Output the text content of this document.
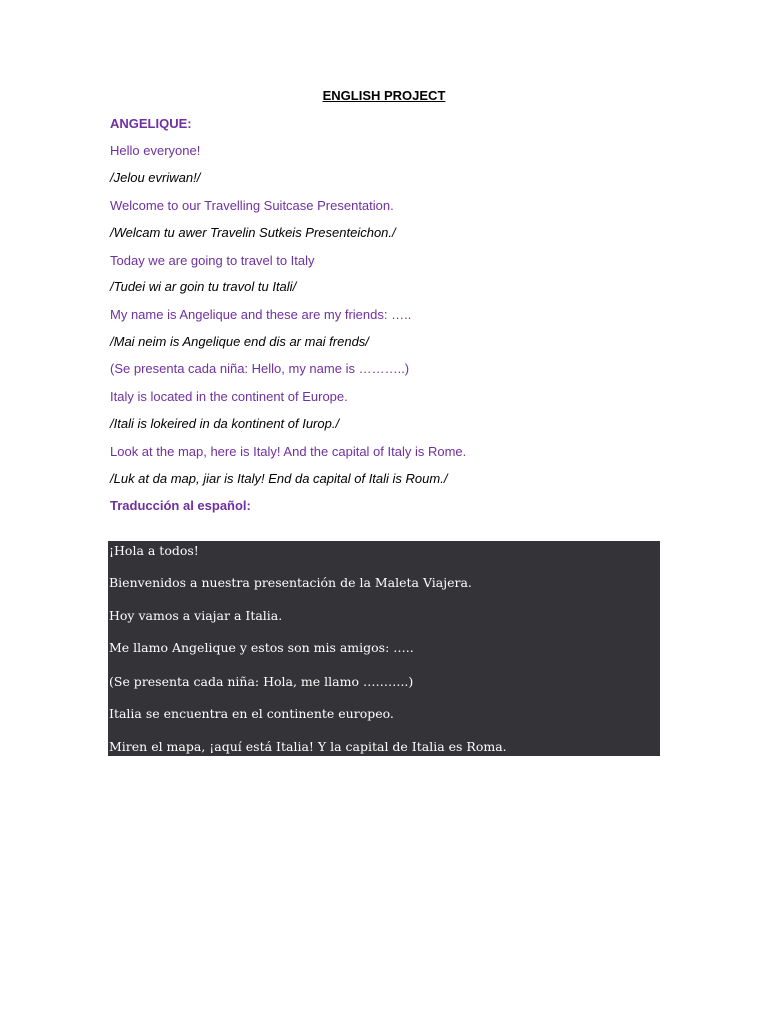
ENGLISH PROJECT
ANGELIQUE:
Hello everyone!
/Jelou evriwan!/
Welcome to our Travelling Suitcase Presentation.
/Welcam tu awer Travelin Sutkeis Presenteichon./
Today we are going to travel to Italy
/Tudei wi ar goin tu travol tu Itali/
My name is Angelique and these are my friends: …..
/Mai neim is Angelique end dis ar mai frends/
(Se presenta cada niña: Hello, my name is ………..)
Italy is located in the continent of Europe.
/Itali is lokeired in da kontinent of Iurop./
Look at the map, here is Italy! And the capital of Italy is Rome.
/Luk at da map, jiar is Italy! End da capital of Itali is Roum./
Traducción al español:
¡Hola a todos!
Bienvenidos a nuestra presentación de la Maleta Viajera.
Hoy vamos a viajar a Italia.
Me llamo Angelique y estos son mis amigos: …..
(Se presenta cada niña: Hola, me llamo ………..)
Italia se encuentra en el continente europeo.
Miren el mapa, ¡aquí está Italia! Y la capital de Italia es Roma.
